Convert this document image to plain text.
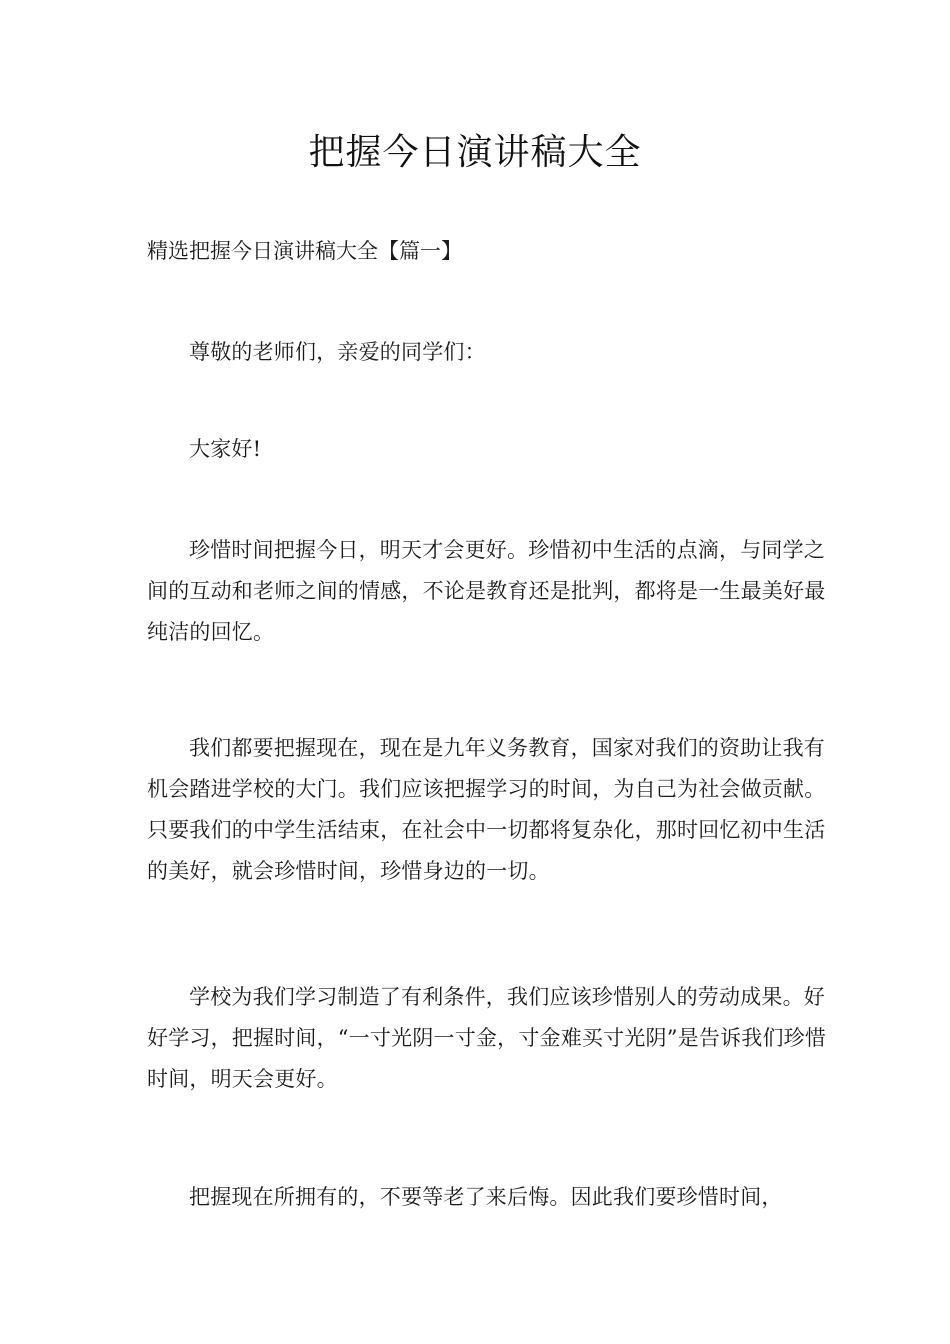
把握今日演讲稿大全

精选把握今日演讲稿大全【篇一】

尊敬的老师们，亲爱的同学们：

大家好!

珍惜时间把握今日，明天才会更好。珍惜初中生活的点滴，与同学之间的互动和老师之间的情感，不论是教育还是批判，都将是一生最美好最纯洁的回忆。

我们都要把握现在，现在是九年义务教育，国家对我们的资助让我有机会踏进学校的大门。我们应该把握学习的时间，为自己为社会做贡献。只要我们的中学生活结束，在社会中一切都将复杂化，那时回忆初中生活的美好，就会珍惜时间，珍惜身边的一切。

学校为我们学习制造了有利条件，我们应该珍惜别人的劳动成果。好好学习，把握时间，“一寸光阴一寸金，寸金难买寸光阴”是告诉我们珍惜时间，明天会更好。

把握现在所拥有的，不要等老了来后悔。因此我们要珍惜时间，
